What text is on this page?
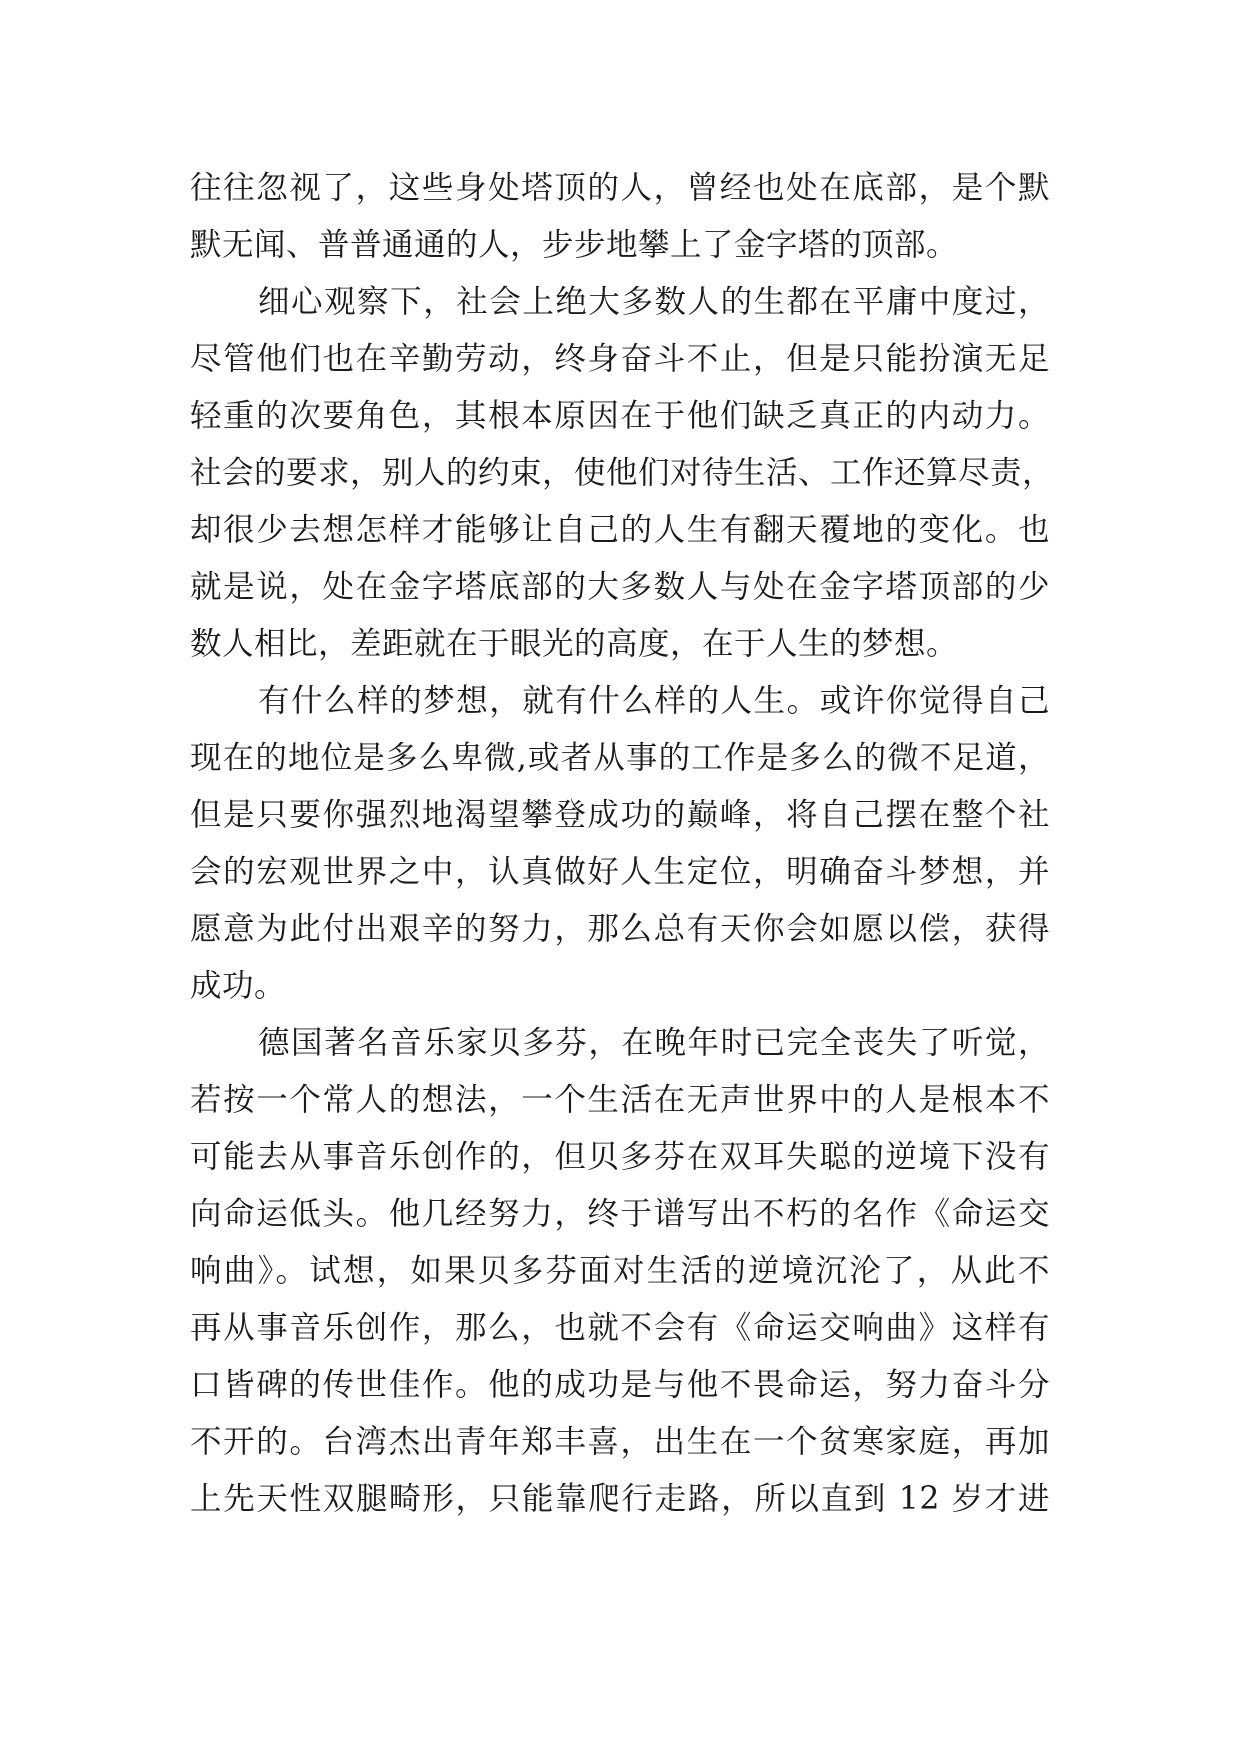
往往忽视了，这些身处塔顶的人，曾经也处在底部，是个默
默无闻、普普通通的人，步步地攀上了金字塔的顶部。
细心观察下，社会上绝大多数人的生都在平庸中度过，
尽管他们也在辛勤劳动，终身奋斗不止，但是只能扮演无足
轻重的次要角色，其根本原因在于他们缺乏真正的内动力。
社会的要求，别人的约束，使他们对待生活、工作还算尽责，
却很少去想怎样才能够让自己的人生有翻天覆地的变化。也
就是说，处在金字塔底部的大多数人与处在金字塔顶部的少
数人相比，差距就在于眼光的高度，在于人生的梦想。
有什么样的梦想，就有什么样的人生。或许你觉得自己
现在的地位是多么卑微,或者从事的工作是多么的微不足道，
但是只要你强烈地渴望攀登成功的巅峰，将自己摆在整个社
会的宏观世界之中，认真做好人生定位，明确奋斗梦想，并
愿意为此付出艰辛的努力，那么总有天你会如愿以偿，获得
成功。
德国著名音乐家贝多芬，在晚年时已完全丧失了听觉，
若按一个常人的想法，一个生活在无声世界中的人是根本不
可能去从事音乐创作的，但贝多芬在双耳失聪的逆境下没有
向命运低头。他几经努力，终于谱写出不朽的名作《命运交
响曲》。试想，如果贝多芬面对生活的逆境沉沦了，从此不
再从事音乐创作，那么，也就不会有《命运交响曲》这样有
口皆碑的传世佳作。他的成功是与他不畏命运，努力奋斗分
不开的。台湾杰出青年郑丰喜，出生在一个贫寒家庭，再加
上先天性双腿畸形，只能靠爬行走路，所以直到 12 岁才进
